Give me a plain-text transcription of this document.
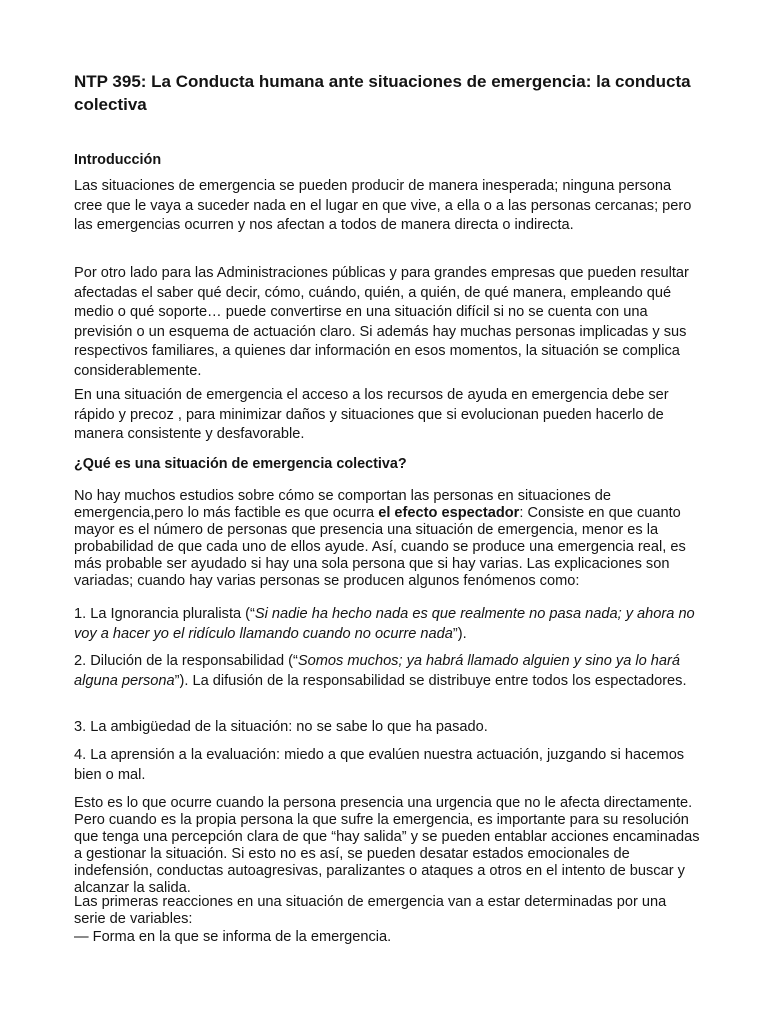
NTP 395: La Conducta humana ante situaciones de emergencia: la conducta colectiva
Introducción

Las situaciones de emergencia se pueden producir de manera inesperada; ninguna persona cree que le vaya a suceder nada en el lugar en que vive, a ella o a las personas cercanas; pero las emergencias ocurren y nos afectan a todos de manera directa o indirecta.

Por otro lado para las Administraciones públicas y para grandes empresas que pueden resultar afectadas el saber qué decir, cómo, cuándo, quién, a quién, de qué manera, empleando qué medio o qué soporte… puede convertirse en una situación difícil si no se cuenta con una previsión o un esquema de actuación claro. Si además hay muchas personas implicadas y sus respectivos familiares, a quienes dar información en esos momentos, la situación se complica considerablemente.

En una situación de emergencia el acceso a los recursos de ayuda en emergencia debe ser rápido y precoz , para minimizar daños y situaciones que si evolucionan pueden hacerlo de manera consistente y desfavorable.

¿Qué es una situación de emergencia colectiva?

No hay muchos estudios sobre cómo se comportan las personas en situaciones de emergencia,pero lo más factible es que ocurra el efecto espectador: Consiste en que cuanto mayor es el número de personas que presencia una situación de emergencia, menor es la probabilidad de que cada uno de ellos ayude. Así, cuando se produce una emergencia real, es más probable ser ayudado si hay una sola persona que si hay varias. Las explicaciones son variadas; cuando hay varias personas se producen algunos fenómenos como:

1. La Ignorancia pluralista (“Si nadie ha hecho nada es que realmente no pasa nada; y ahora no voy a hacer yo el ridículo llamando cuando no ocurre nada”).

2. Dilución de la responsabilidad (“Somos muchos; ya habrá llamado alguien y sino ya lo hará alguna persona”). La difusión de la responsabilidad se distribuye entre todos los espectadores.

3. La ambigüedad de la situación: no se sabe lo que ha pasado.

4. La aprensión a la evaluación: miedo a que evalúen nuestra actuación, juzgando si hacemos bien o mal.

Esto es lo que ocurre cuando la persona presencia una urgencia que no le afecta directamente. Pero cuando es la propia persona la que sufre la emergencia, es importante para su resolución que tenga una percepción clara de que “hay salida” y se pueden entablar acciones encaminadas a gestionar la situación. Si esto no es así, se pueden desatar estados emocionales de indefensión, conductas autoagresivas, paralizantes o ataques a otros en el intento de buscar y alcanzar la salida.

Las primeras reacciones en una situación de emergencia van a estar determinadas por una serie de variables:

— Forma en la que se informa de la emergencia.
